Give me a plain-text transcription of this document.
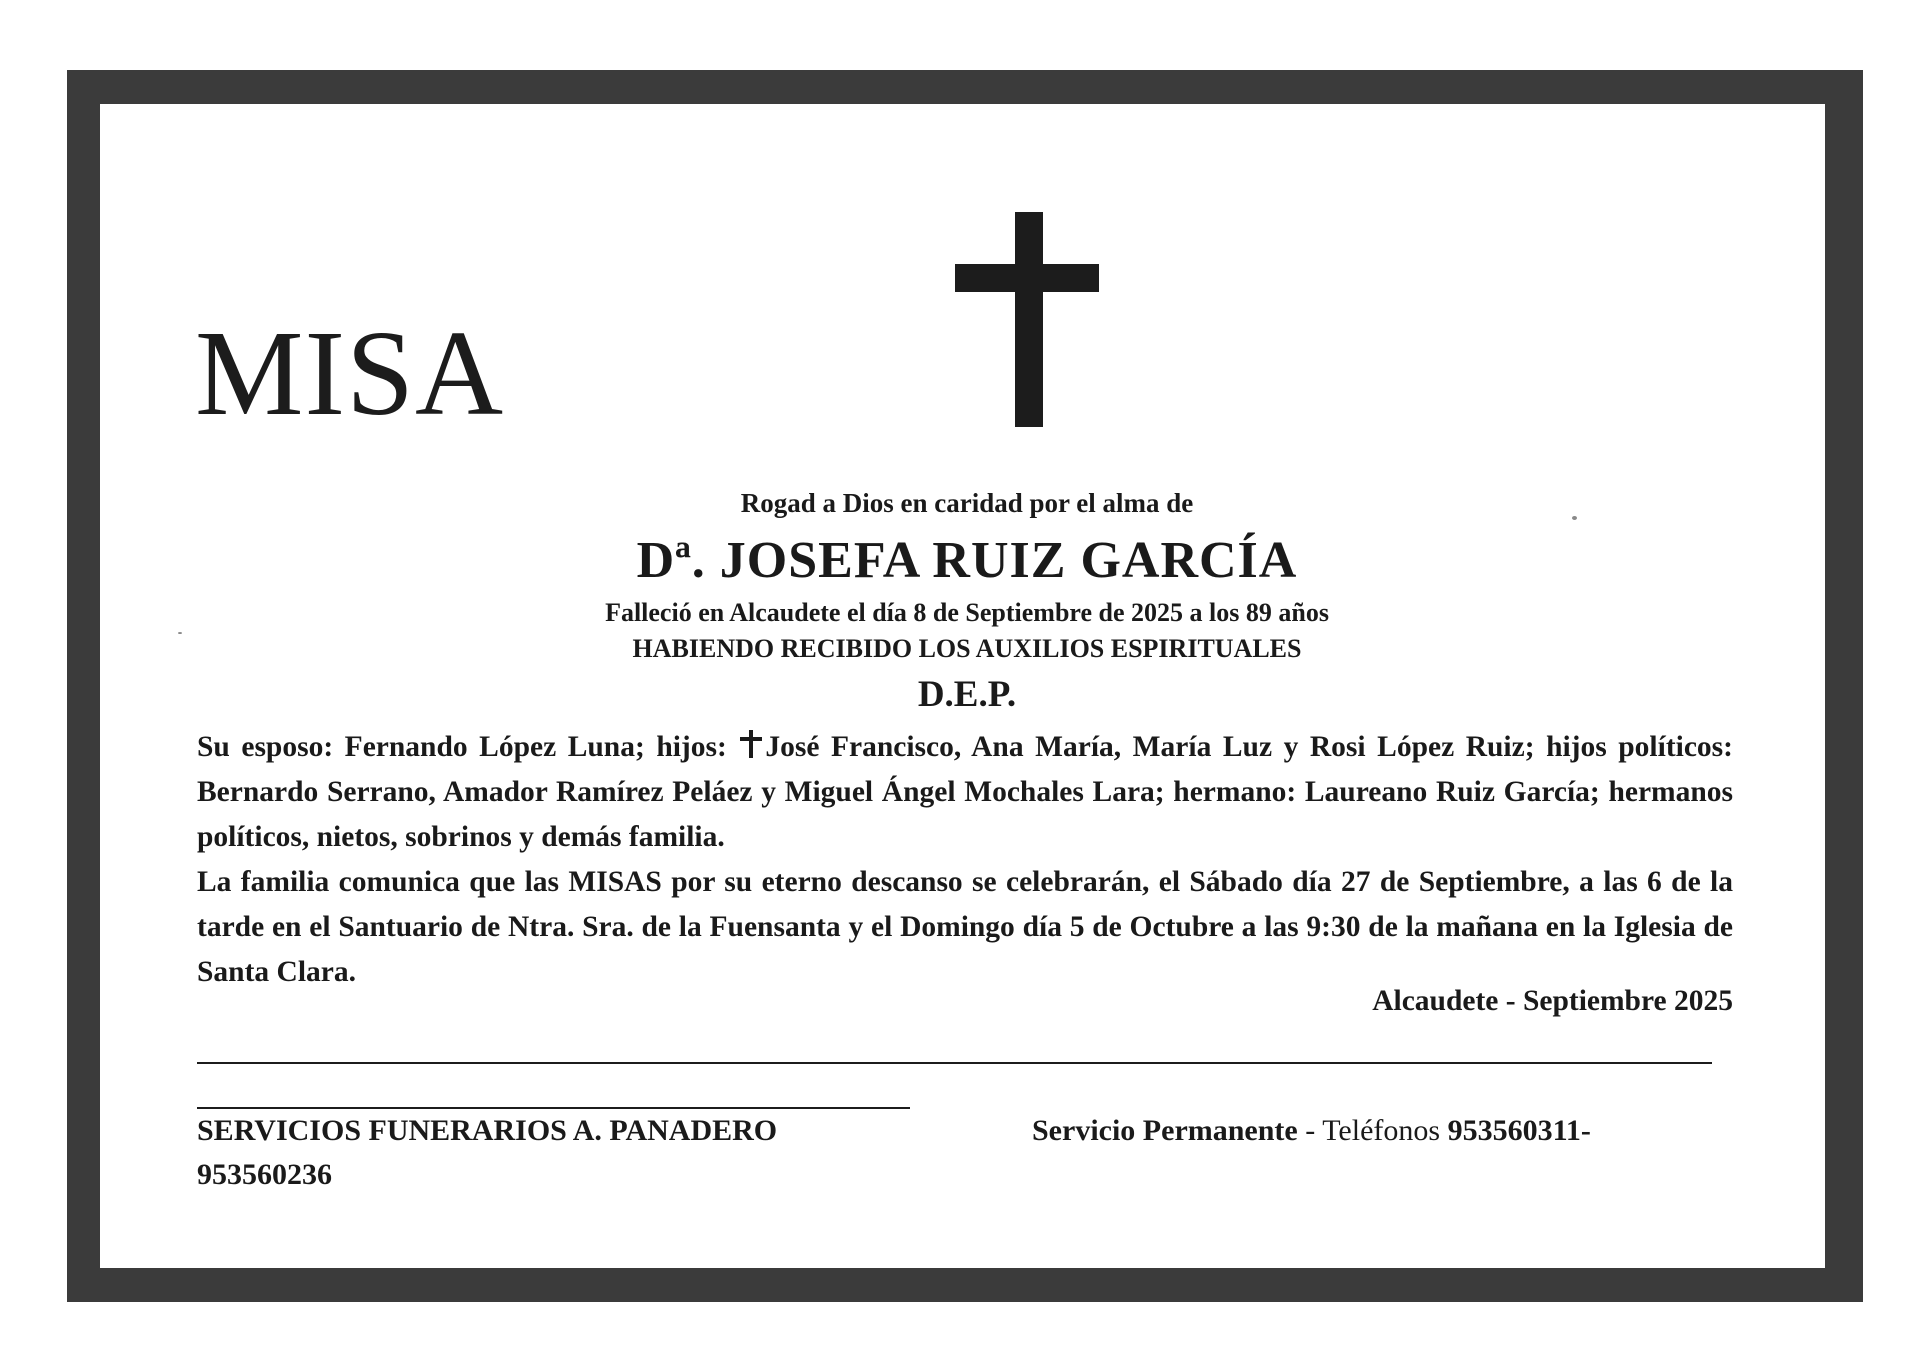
MISA
Rogad a Dios en caridad por el alma de
Dª. JOSEFA RUIZ GARCÍA
Falleció en Alcaudete el día 8 de Septiembre de 2025 a los 89 años
HABIENDO RECIBIDO LOS AUXILIOS ESPIRITUALES
D.E.P.

Su esposo: Fernando López Luna; hijos:
José Francisco, Ana María, María Luz y Rosi López Ruiz; hijos políticos: Bernardo Serrano, Amador Ramírez Peláez y Miguel Ángel Mochales Lara; hermano: Laureano Ruiz García; hermanos políticos, nietos, sobrinos y demás familia.

La familia comunica que las MISAS por su eterno descanso se celebrarán, el Sábado día 27 de Septiembre, a las 6 de la tarde en el Santuario de Ntra. Sra. de la Fuensanta y el Domingo día 5 de Octubre a las 9:30 de la mañana en la Iglesia de Santa Clara.

Alcaudete - Septiembre 2025
SERVICIOS FUNERARIOS A. PANADERO	Servicio Permanente - Teléfonos 953560311-
953560236
